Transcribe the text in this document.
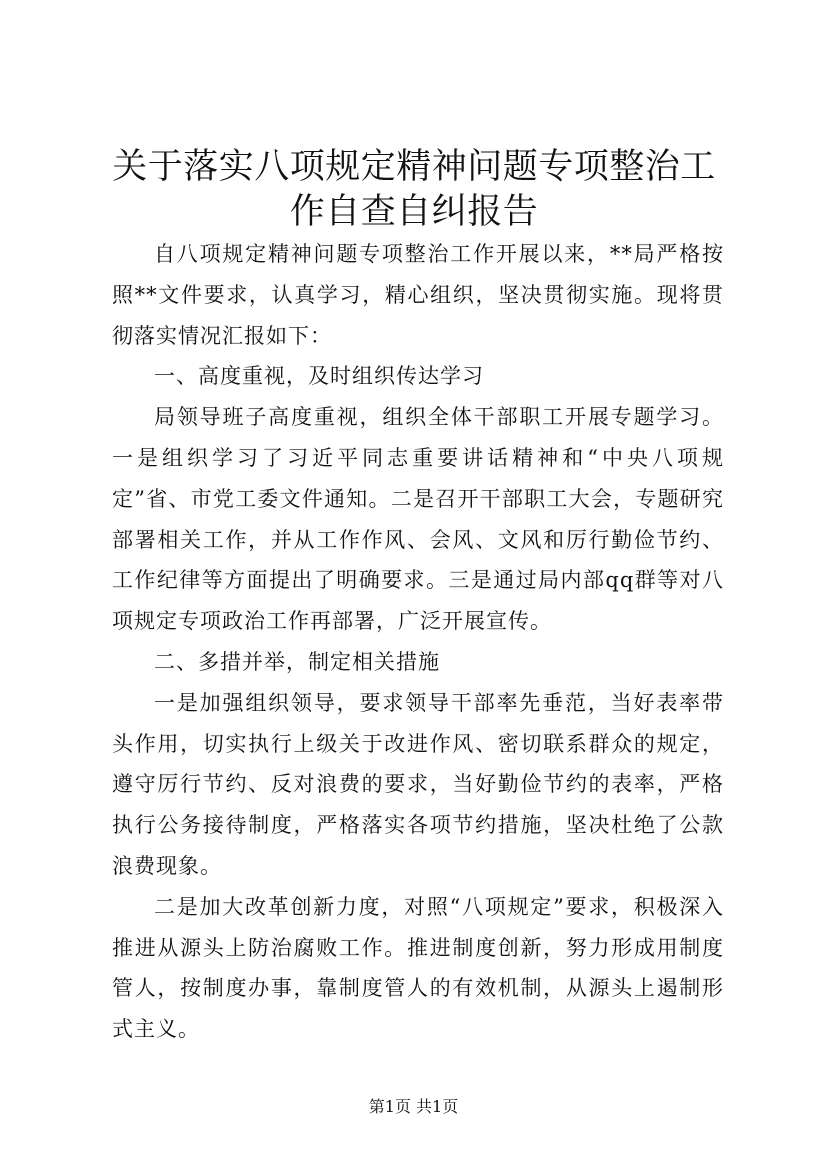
关于落实八项规定精神问题专项整治工作自查自纠报告

自八项规定精神问题专项整治工作开展以来，**局严格按照**文件要求，认真学习，精心组织，坚决贯彻实施。现将贯彻落实情况汇报如下：

一、高度重视，及时组织传达学习

局领导班子高度重视，组织全体干部职工开展专题学习。一是组织学习了习近平同志重要讲话精神和“中央八项规定”省、市党工委文件通知。二是召开干部职工大会，专题研究部署相关工作，并从工作作风、会风、文风和厉行勤俭节约、工作纪律等方面提出了明确要求。三是通过局内部qq群等对八项规定专项政治工作再部署，广泛开展宣传。

二、多措并举，制定相关措施

一是加强组织领导，要求领导干部率先垂范，当好表率带头作用，切实执行上级关于改进作风、密切联系群众的规定，遵守厉行节约、反对浪费的要求，当好勤俭节约的表率，严格执行公务接待制度，严格落实各项节约措施，坚决杜绝了公款浪费现象。

二是加大改革创新力度，对照“八项规定”要求，积极深入推进从源头上防治腐败工作。推进制度创新，努力形成用制度管人，按制度办事，靠制度管人的有效机制，从源头上遏制形式主义。

第1页 共1页
